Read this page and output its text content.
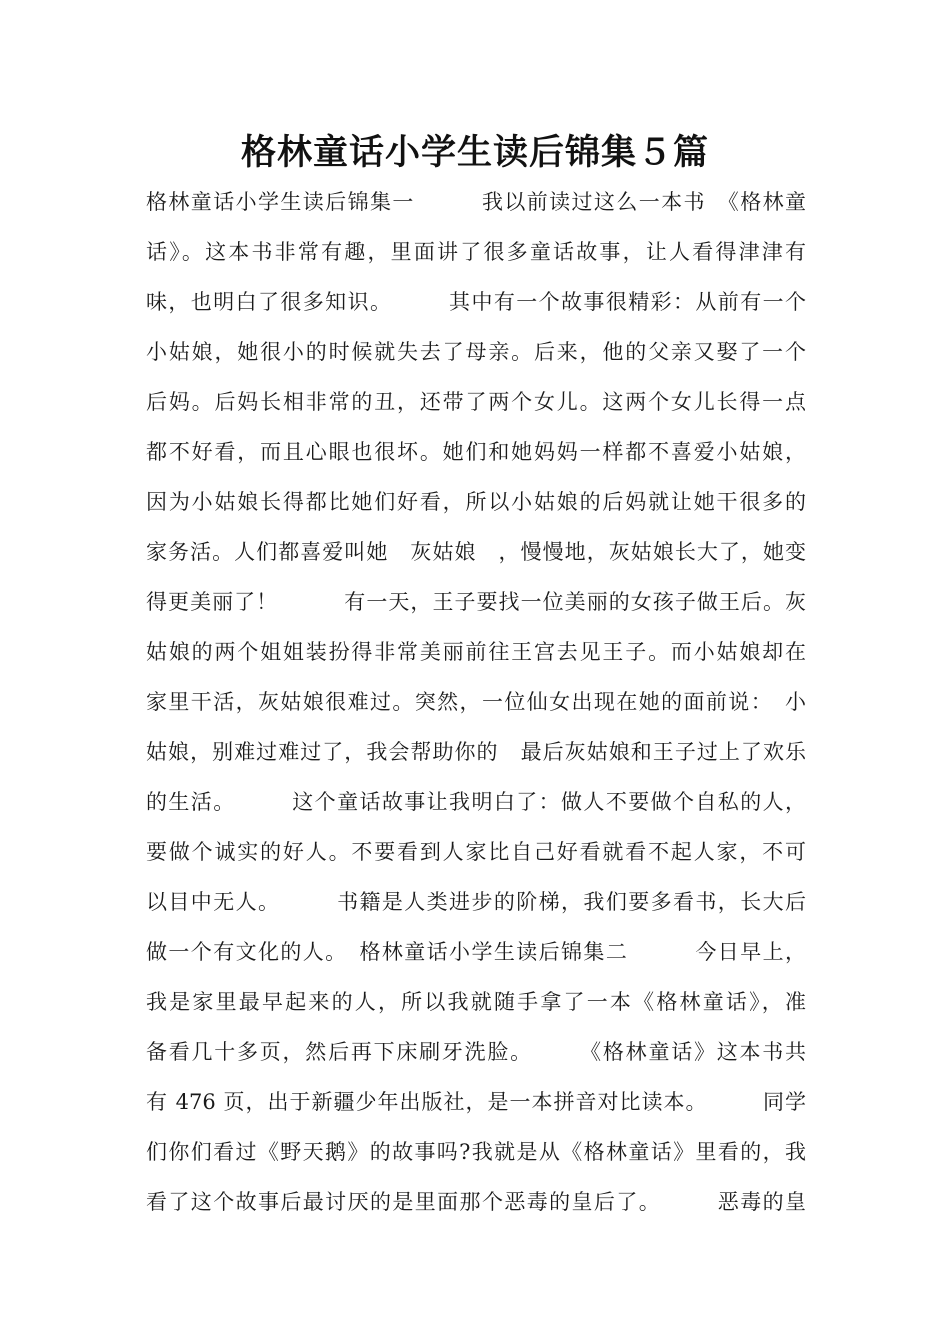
格林童话小学生读后锦集５篇
格林童话小学生读后锦集一　　　我以前读过这么一本书　《格林童
话》。这本书非常有趣，里面讲了很多童话故事，让人看得津津有
味，也明白了很多知识。　　　其中有一个故事很精彩：从前有一个
小姑娘，她很小的时候就失去了母亲。后来，他的父亲又娶了一个
后妈。后妈长相非常的丑，还带了两个女儿。这两个女儿长得一点
都不好看，而且心眼也很坏。她们和她妈妈一样都不喜爱小姑娘，
因为小姑娘长得都比她们好看，所以小姑娘的后妈就让她干很多的
家务活。人们都喜爱叫她　灰姑娘　，慢慢地，灰姑娘长大了，她变
得更美丽了！　　　有一天，王子要找一位美丽的女孩子做王后。灰
姑娘的两个姐姐装扮得非常美丽前往王宫去见王子。而小姑娘却在
家里干活，灰姑娘很难过。突然，一位仙女出现在她的面前说：　小
姑娘，别难过难过了，我会帮助你的　最后灰姑娘和王子过上了欢乐
的生活。　　　这个童话故事让我明白了：做人不要做个自私的人，
要做个诚实的好人。不要看到人家比自己好看就看不起人家，不可
以目中无人。　　　书籍是人类进步的阶梯，我们要多看书，长大后
做一个有文化的人。　格林童话小学生读后锦集二　　　今日早上，
我是家里最早起来的人，所以我就随手拿了一本《格林童话》，准
备看几十多页，然后再下床刷牙洗脸。　　　《格林童话》这本书共
有 476 页，出于新疆少年出版社，是一本拼音对比读本。　　　同学
们你们看过《野天鹅》的故事吗?我就是从《格林童话》里看的，我
看了这个故事后最讨厌的是里面那个恶毒的皇后了。　　　恶毒的皇
